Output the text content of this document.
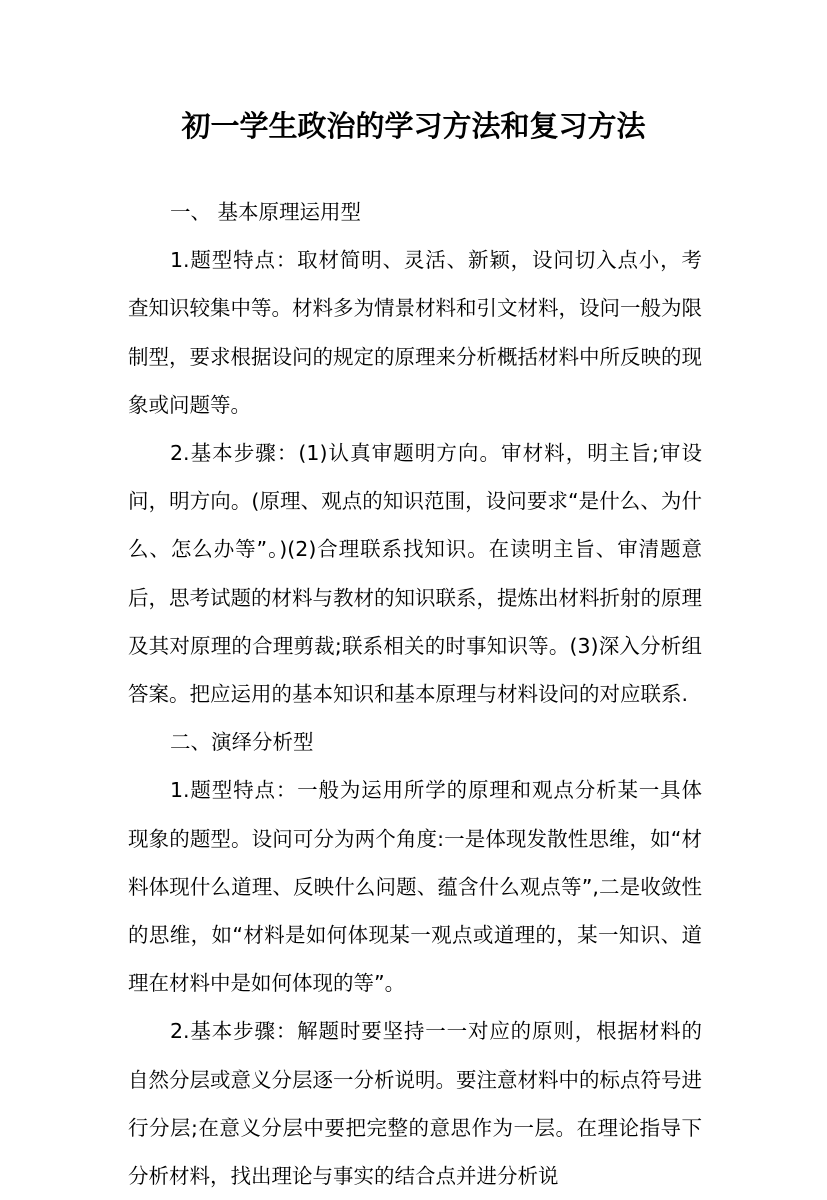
初一学生政治的学习方法和复习方法

一、 基本原理运用型

1.题型特点：取材简明、灵活、新颖，设问切入点小，考查知识较集中等。材料多为情景材料和引文材料，设问一般为限制型，要求根据设问的规定的原理来分析概括材料中所反映的现象或问题等。

2.基本步骤：(1)认真审题明方向。审材料，明主旨;审设问，明方向。(原理、观点的知识范围，设问要求“是什么、为什么、怎么办等”。)(2)合理联系找知识。在读明主旨、审清题意后，思考试题的材料与教材的知识联系，提炼出材料折射的原理及其对原理的合理剪裁;联系相关的时事知识等。(3)深入分析组答案。把应运用的基本知识和基本原理与材料设问的对应联系.

二、演绎分析型

1.题型特点：一般为运用所学的原理和观点分析某一具体现象的题型。设问可分为两个角度:一是体现发散性思维，如“材料体现什么道理、反映什么问题、蕴含什么观点等”,二是收敛性的思维，如“材料是如何体现某一观点或道理的，某一知识、道理在材料中是如何体现的等”。

2.基本步骤：解题时要坚持一一对应的原则，根据材料的自然分层或意义分层逐一分析说明。要注意材料中的标点符号进行分层;在意义分层中要把完整的意思作为一层。在理论指导下分析材料，找出理论与事实的结合点并进分析说
